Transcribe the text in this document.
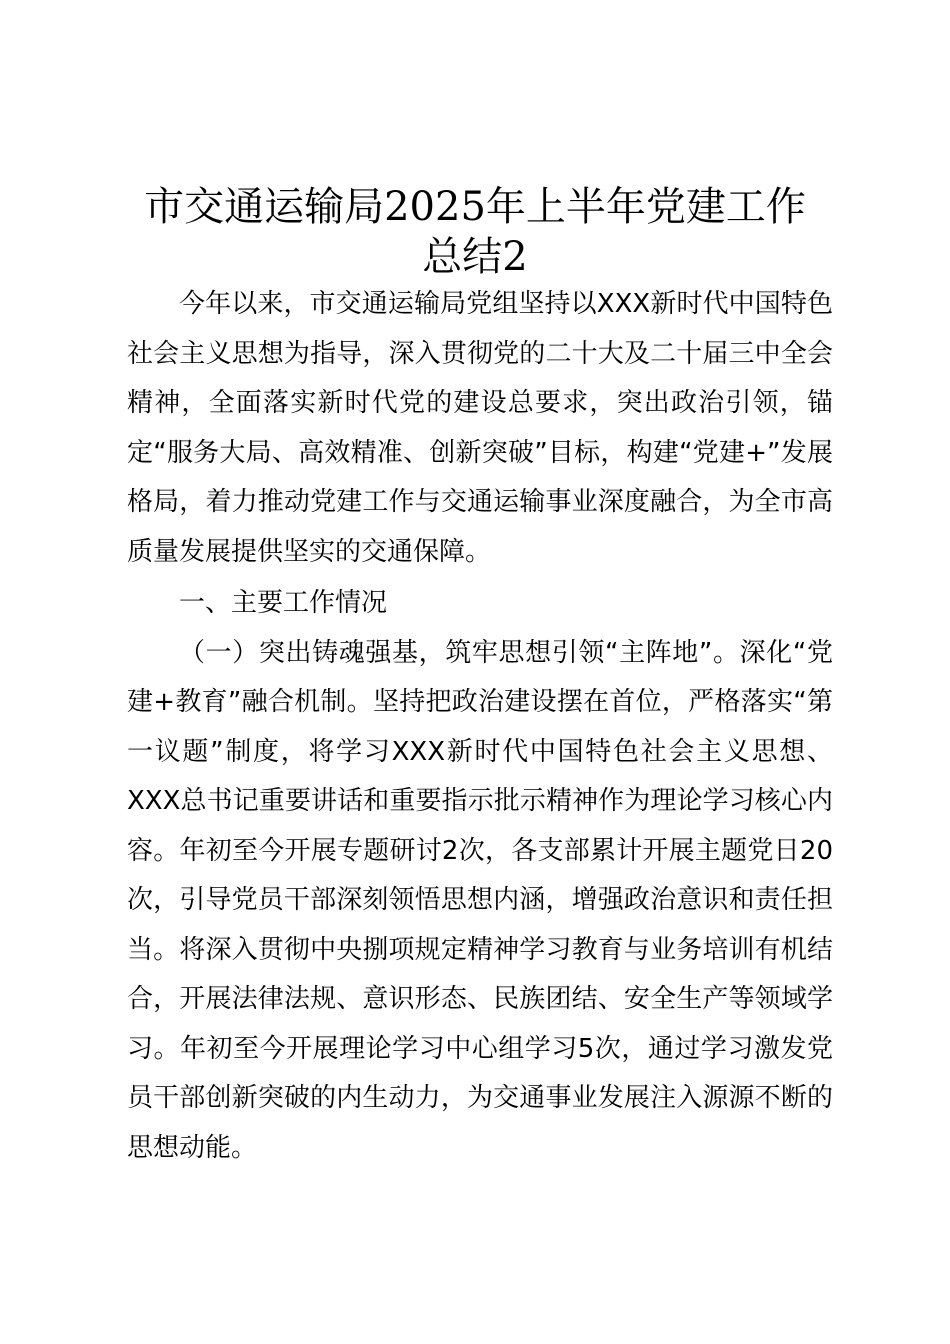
市交通运输局2025年上半年党建工作
总结2

今年以来，市交通运输局党组坚持以XXX新时代中国特色社会主义思想为指导，深入贯彻党的二十大及二十届三中全会精神，全面落实新时代党的建设总要求，突出政治引领，锚定“服务大局、高效精准、创新突破”目标，构建“党建+”发展格局，着力推动党建工作与交通运输事业深度融合，为全市高质量发展提供坚实的交通保障。

一、主要工作情况

（一）突出铸魂强基，筑牢思想引领“主阵地”。深化“党建+教育”融合机制。坚持把政治建设摆在首位，严格落实“第一议题”制度，将学习XXX新时代中国特色社会主义思想、XXX总书记重要讲话和重要指示批示精神作为理论学习核心内容。年初至今开展专题研讨2次，各支部累计开展主题党日20次，引导党员干部深刻领悟思想内涵，增强政治意识和责任担当。将深入贯彻中央捌项规定精神学习教育与业务培训有机结合，开展法律法规、意识形态、民族团结、安全生产等领域学习。年初至今开展理论学习中心组学习5次，通过学习激发党员干部创新突破的内生动力，为交通事业发展注入源源不断的思想动能。
